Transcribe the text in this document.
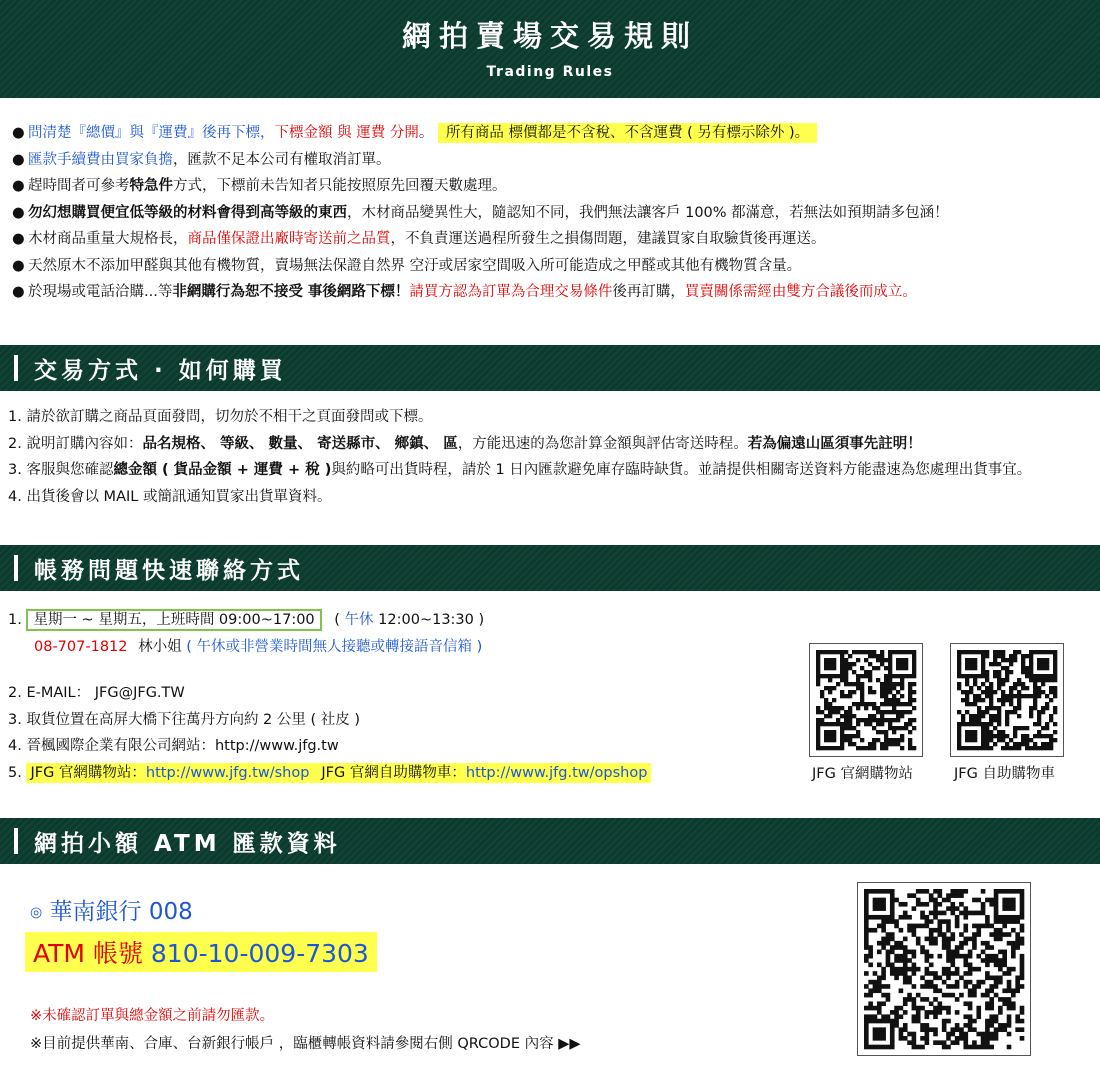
網拍賣場交易規則
Trading Rules
● 問清楚『總價』與『運費』後再下標，下標金額 與 運費 分開。 所有商品 標價都是不含稅、不含運費 ( 另有標示除外 )。
● 匯款手續費由買家負擔，匯款不足本公司有權取消訂單。
● 趕時間者可參考特急件方式，下標前未告知者只能按照原先回覆天數處理。
● 勿幻想購買便宜低等級的材料會得到高等級的東西，木材商品變異性大，隨認知不同，我們無法讓客戶 100% 都滿意，若無法如預期請多包涵！
● 木材商品重量大規格長，商品僅保證出廠時寄送前之品質，不負責運送過程所發生之損傷問題，建議買家自取驗貨後再運送。
● 天然原木不添加甲醛與其他有機物質，賣場無法保證自然界 空汙或居家空間吸入所可能造成之甲醛或其他有機物質含量。
● 於現場或電話洽購...等非網購行為恕不接受 事後網路下標！請買方認為訂單為合理交易條件後再訂購，買賣關係需經由雙方合議後而成立。
交易方式 · 如何購買
1. 請於欲訂購之商品頁面發問，切勿於不相干之頁面發問或下標。
2. 說明訂購內容如：品名規格、 等級、 數量、 寄送縣市、 鄉鎮、 區，方能迅速的為您計算金額與評估寄送時程。若為偏遠山區須事先註明！
3. 客服與您確認總金額 ( 貨品金額 + 運費 + 稅 )與約略可出貨時程，請於 1 日內匯款避免庫存臨時缺貨。並請提供相關寄送資料方能盡速為您處理出貨事宜。
4. 出貨後會以 MAIL 或簡訊通知買家出貨單資料。
帳務問題快速聯絡方式
1. 星期一 ~ 星期五，上班時間 09:00~17:00 ( 午休 12:00~13:30 )
08-707-1812 林小姐 ( 午休或非營業時間無人接聽或轉接語音信箱 )
2. E-MAIL： JFG@JFG.TW
3. 取貨位置在高屏大橋下往萬丹方向約 2 公里 ( 社皮 )
4. 晉楓國際企業有限公司網站：http://www.jfg.tw
5. JFG 官網購物站：http://www.jfg.tw/shop JFG 官網自助購物車：http://www.jfg.tw/opshop	JFG 官網購物站	JFG 自助購物車
網拍小額 ATM 匯款資料
◎ 華南銀行 008
ATM 帳號 810-10-009-7303
※未確認訂單與總金額之前請勿匯款。
※目前提供華南、合庫、台新銀行帳戶 ，臨櫃轉帳資料請參閱右側 QRCODE 內容 ▶▶
